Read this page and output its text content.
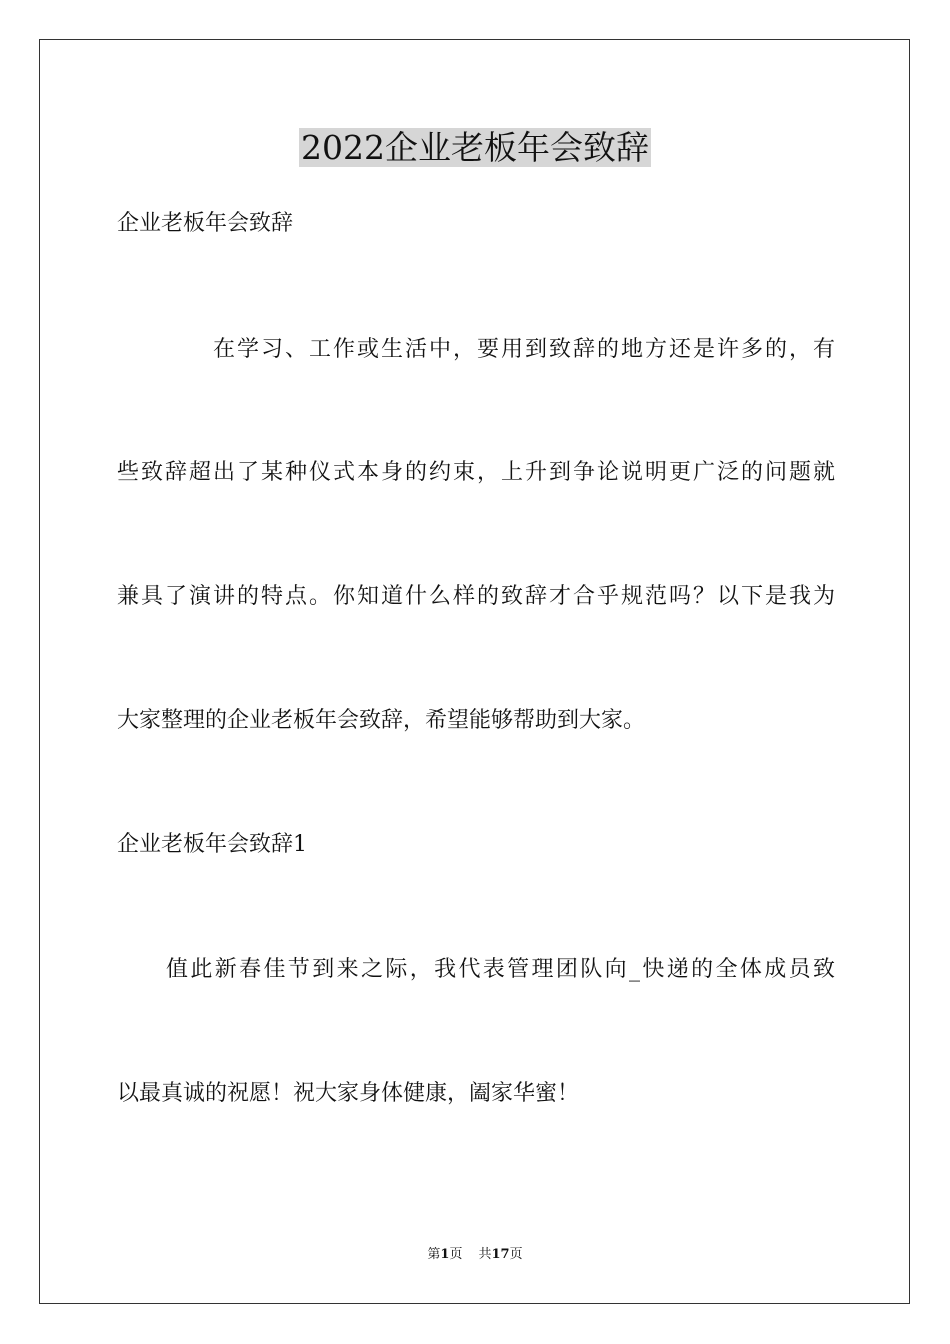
2022企业老板年会致辞

企业老板年会致辞

在学习、工作或生活中，要用到致辞的地方还是许多的，有

些致辞超出了某种仪式本身的约束，上升到争论说明更广泛的问题就

兼具了演讲的特点。你知道什么样的致辞才合乎规范吗？以下是我为

大家整理的企业老板年会致辞，希望能够帮助到大家。

企业老板年会致辞1

值此新春佳节到来之际，我代表管理团队向_快递的全体成员致

以最真诚的祝愿！祝大家身体健康，阖家华蜜！

第1页 共17页
